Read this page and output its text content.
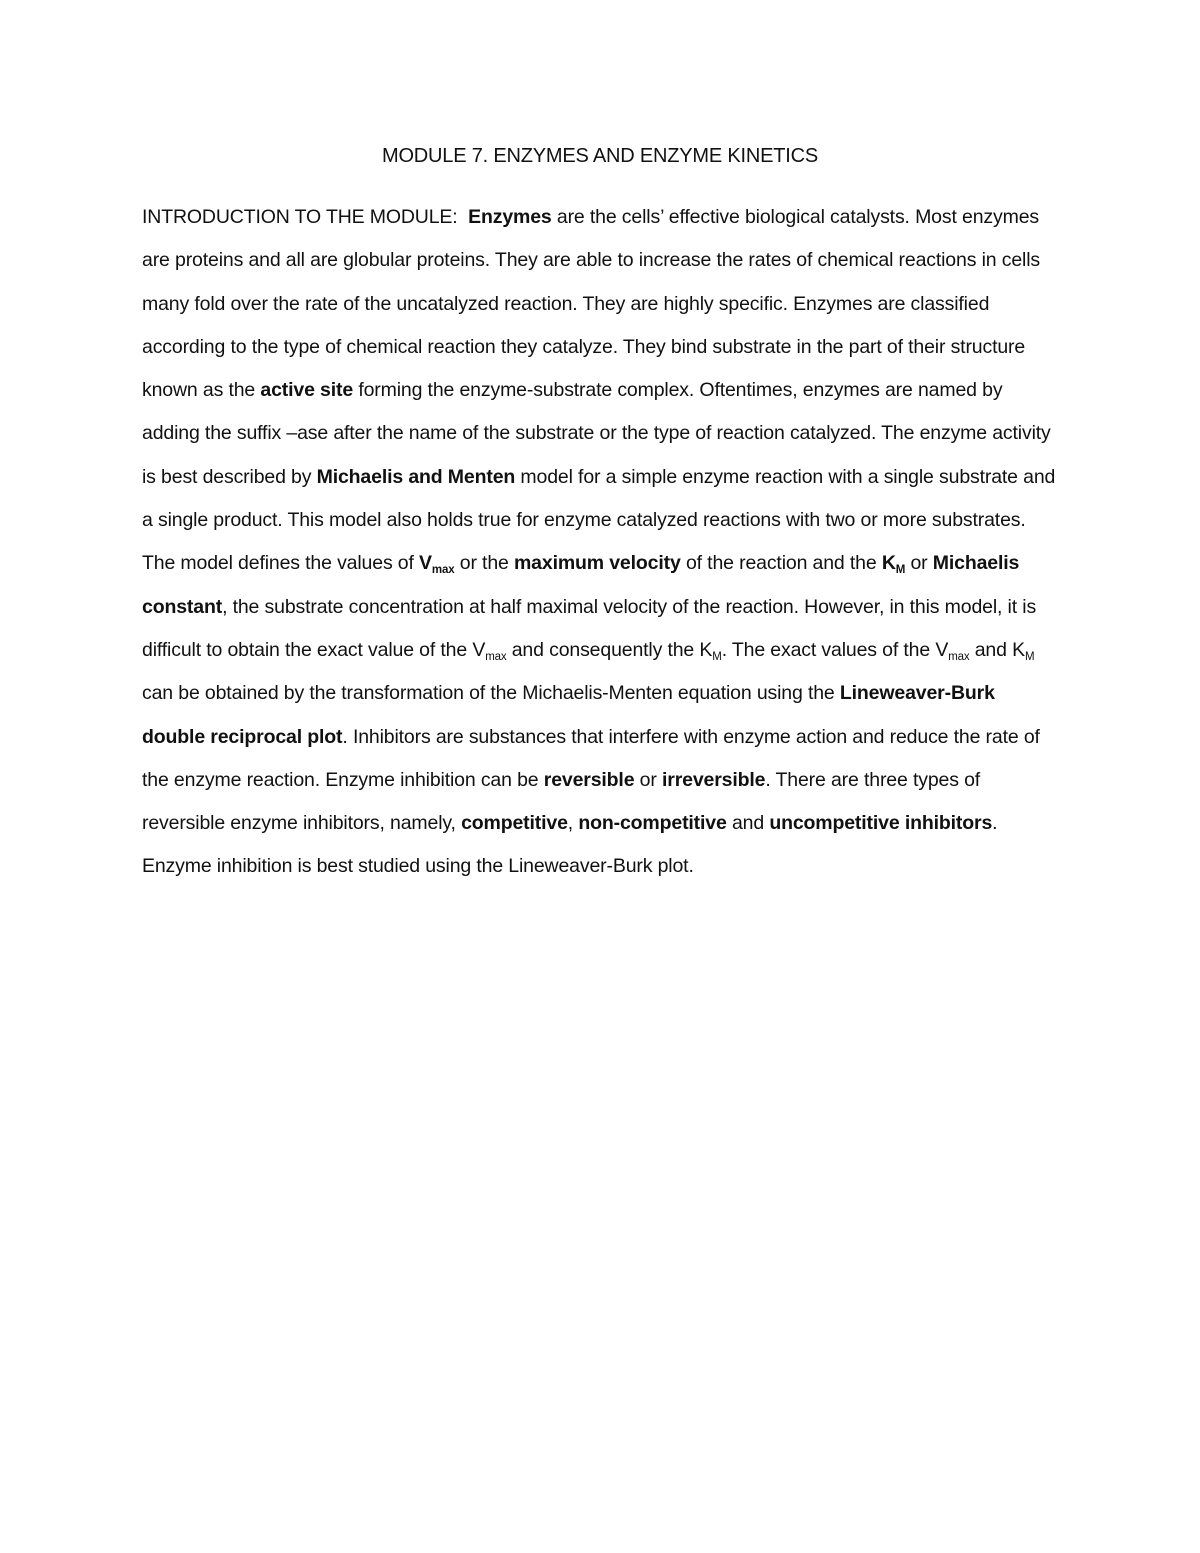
MODULE 7. ENZYMES AND ENZYME KINETICS
INTRODUCTION TO THE MODULE: Enzymes are the cells’ effective biological catalysts. Most enzymes are proteins and all are globular proteins. They are able to increase the rates of chemical reactions in cells many fold over the rate of the uncatalyzed reaction. They are highly specific. Enzymes are classified according to the type of chemical reaction they catalyze. They bind substrate in the part of their structure known as the active site forming the enzyme-substrate complex. Oftentimes, enzymes are named by adding the suffix –ase after the name of the substrate or the type of reaction catalyzed. The enzyme activity is best described by Michaelis and Menten model for a simple enzyme reaction with a single substrate and a single product. This model also holds true for enzyme catalyzed reactions with two or more substrates. The model defines the values of $V_{max}$ or the maximum velocity of the reaction and the $K_M$ or Michaelis constant, the substrate concentration at half maximal velocity of the reaction. However, in this model, it is difficult to obtain the exact value of the $V_{max}$ and consequently the $K_M$. The exact values of the $V_{max}$ and $K_M$ can be obtained by the transformation of the Michaelis-Menten equation using the Lineweaver-Burk double reciprocal plot. Inhibitors are substances that interfere with enzyme action and reduce the rate of the enzyme reaction. Enzyme inhibition can be reversible or irreversible. There are three types of reversible enzyme inhibitors, namely, competitive, non-competitive and uncompetitive inhibitors. Enzyme inhibition is best studied using the Lineweaver-Burk plot.
